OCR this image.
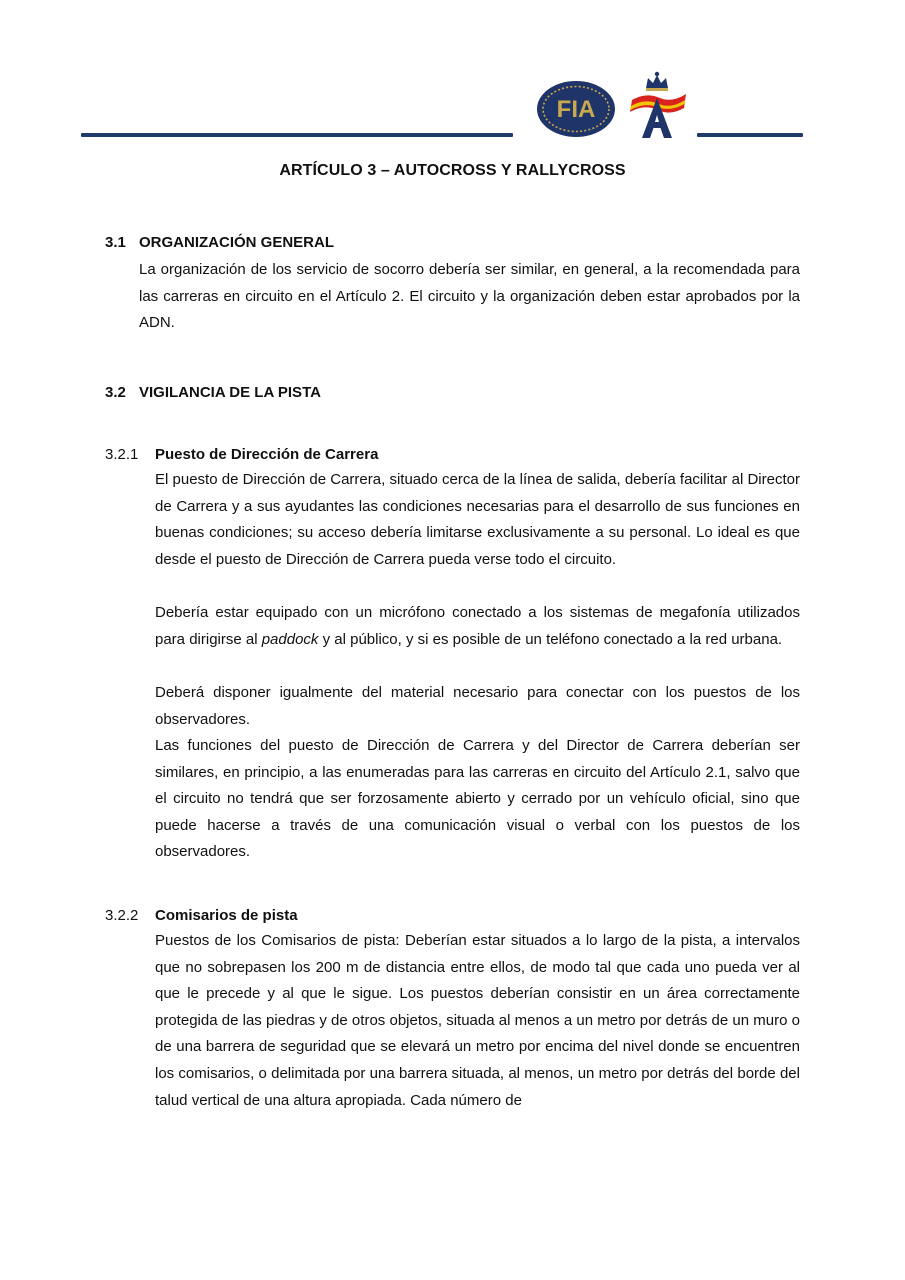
FIA
ARTÍCULO 3 – AUTOCROSS Y RALLYCROSS
3.1 ORGANIZACIÓN GENERAL

La organización de los servicio de socorro debería ser similar, en general, a la recomendada para las carreras en circuito en el Artículo 2. El circuito y la organización deben estar aprobados por la ADN.

3.2 VIGILANCIA DE LA PISTA
3.2.1 Puesto de Dirección de Carrera

El puesto de Dirección de Carrera, situado cerca de la línea de salida, debería facilitar al Director de Carrera y a sus ayudantes las condiciones necesarias para el desarrollo de sus funciones en buenas condiciones; su acceso debería limitarse exclusivamente a su personal. Lo ideal es que desde el puesto de Dirección de Carrera pueda verse todo el circuito.

Debería estar equipado con un micrófono conectado a los sistemas de megafonía utilizados para dirigirse al paddock y al público, y si es posible de un teléfono conectado a la red urbana.

Deberá disponer igualmente del material necesario para conectar con los puestos de los observadores.

Las funciones del puesto de Dirección de Carrera y del Director de Carrera deberían ser similares, en principio, a las enumeradas para las carreras en circuito del Artículo 2.1, salvo que el circuito no tendrá que ser forzosamente abierto y cerrado por un vehículo oficial, sino que puede hacerse a través de una comunicación visual o verbal con los puestos de los observadores.

3.2.2 Comisarios de pista

Puestos de los Comisarios de pista: Deberían estar situados a lo largo de la pista, a intervalos que no sobrepasen los 200 m de distancia entre ellos, de modo tal que cada uno pueda ver al que le precede y al que le sigue. Los puestos deberían consistir en un área correctamente protegida de las piedras y de otros objetos, situada al menos a un metro por detrás de un muro o de una barrera de seguridad que se elevará un metro por encima del nivel donde se encuentren los comisarios, o delimitada por una barrera situada, al menos, un metro por detrás del borde del talud vertical de una altura apropiada. Cada número de
